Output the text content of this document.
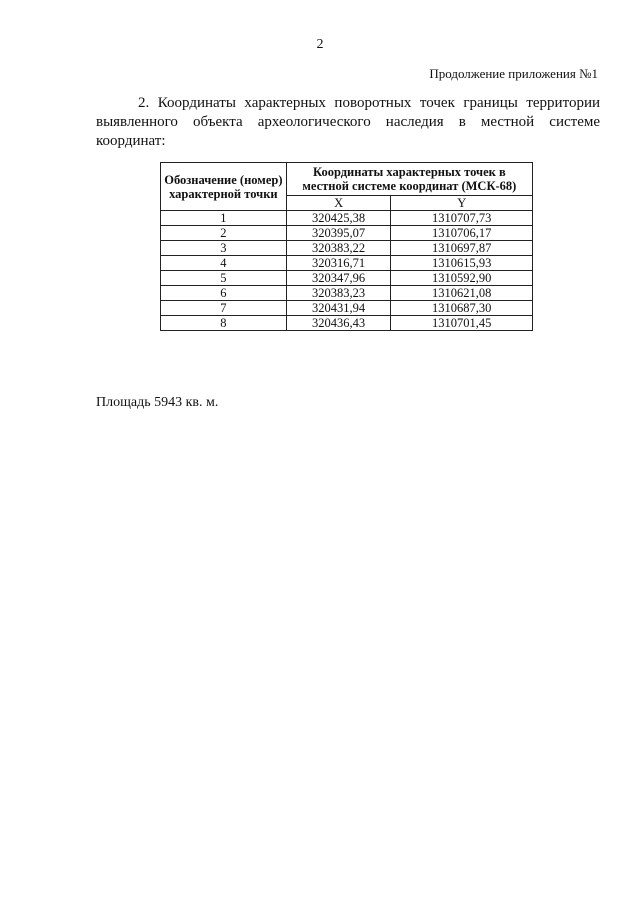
2
Продолжение приложения №1
2. Координаты характерных поворотных точек границы территории
выявленного объекта археологического наследия в местной системе
координат:
Обозначение (номер) характерной точки	Координаты характерных точек в местной системе координат (МСК-68)	
	X	Y
1	320425,38	1310707,73
2	320395,07	1310706,17
3	320383,22	1310697,87
4	320316,71	1310615,93
5	320347,96	1310592,90
6	320383,23	1310621,08
7	320431,94	1310687,30
8	320436,43	1310701,45
Площадь 5943 кв. м.
